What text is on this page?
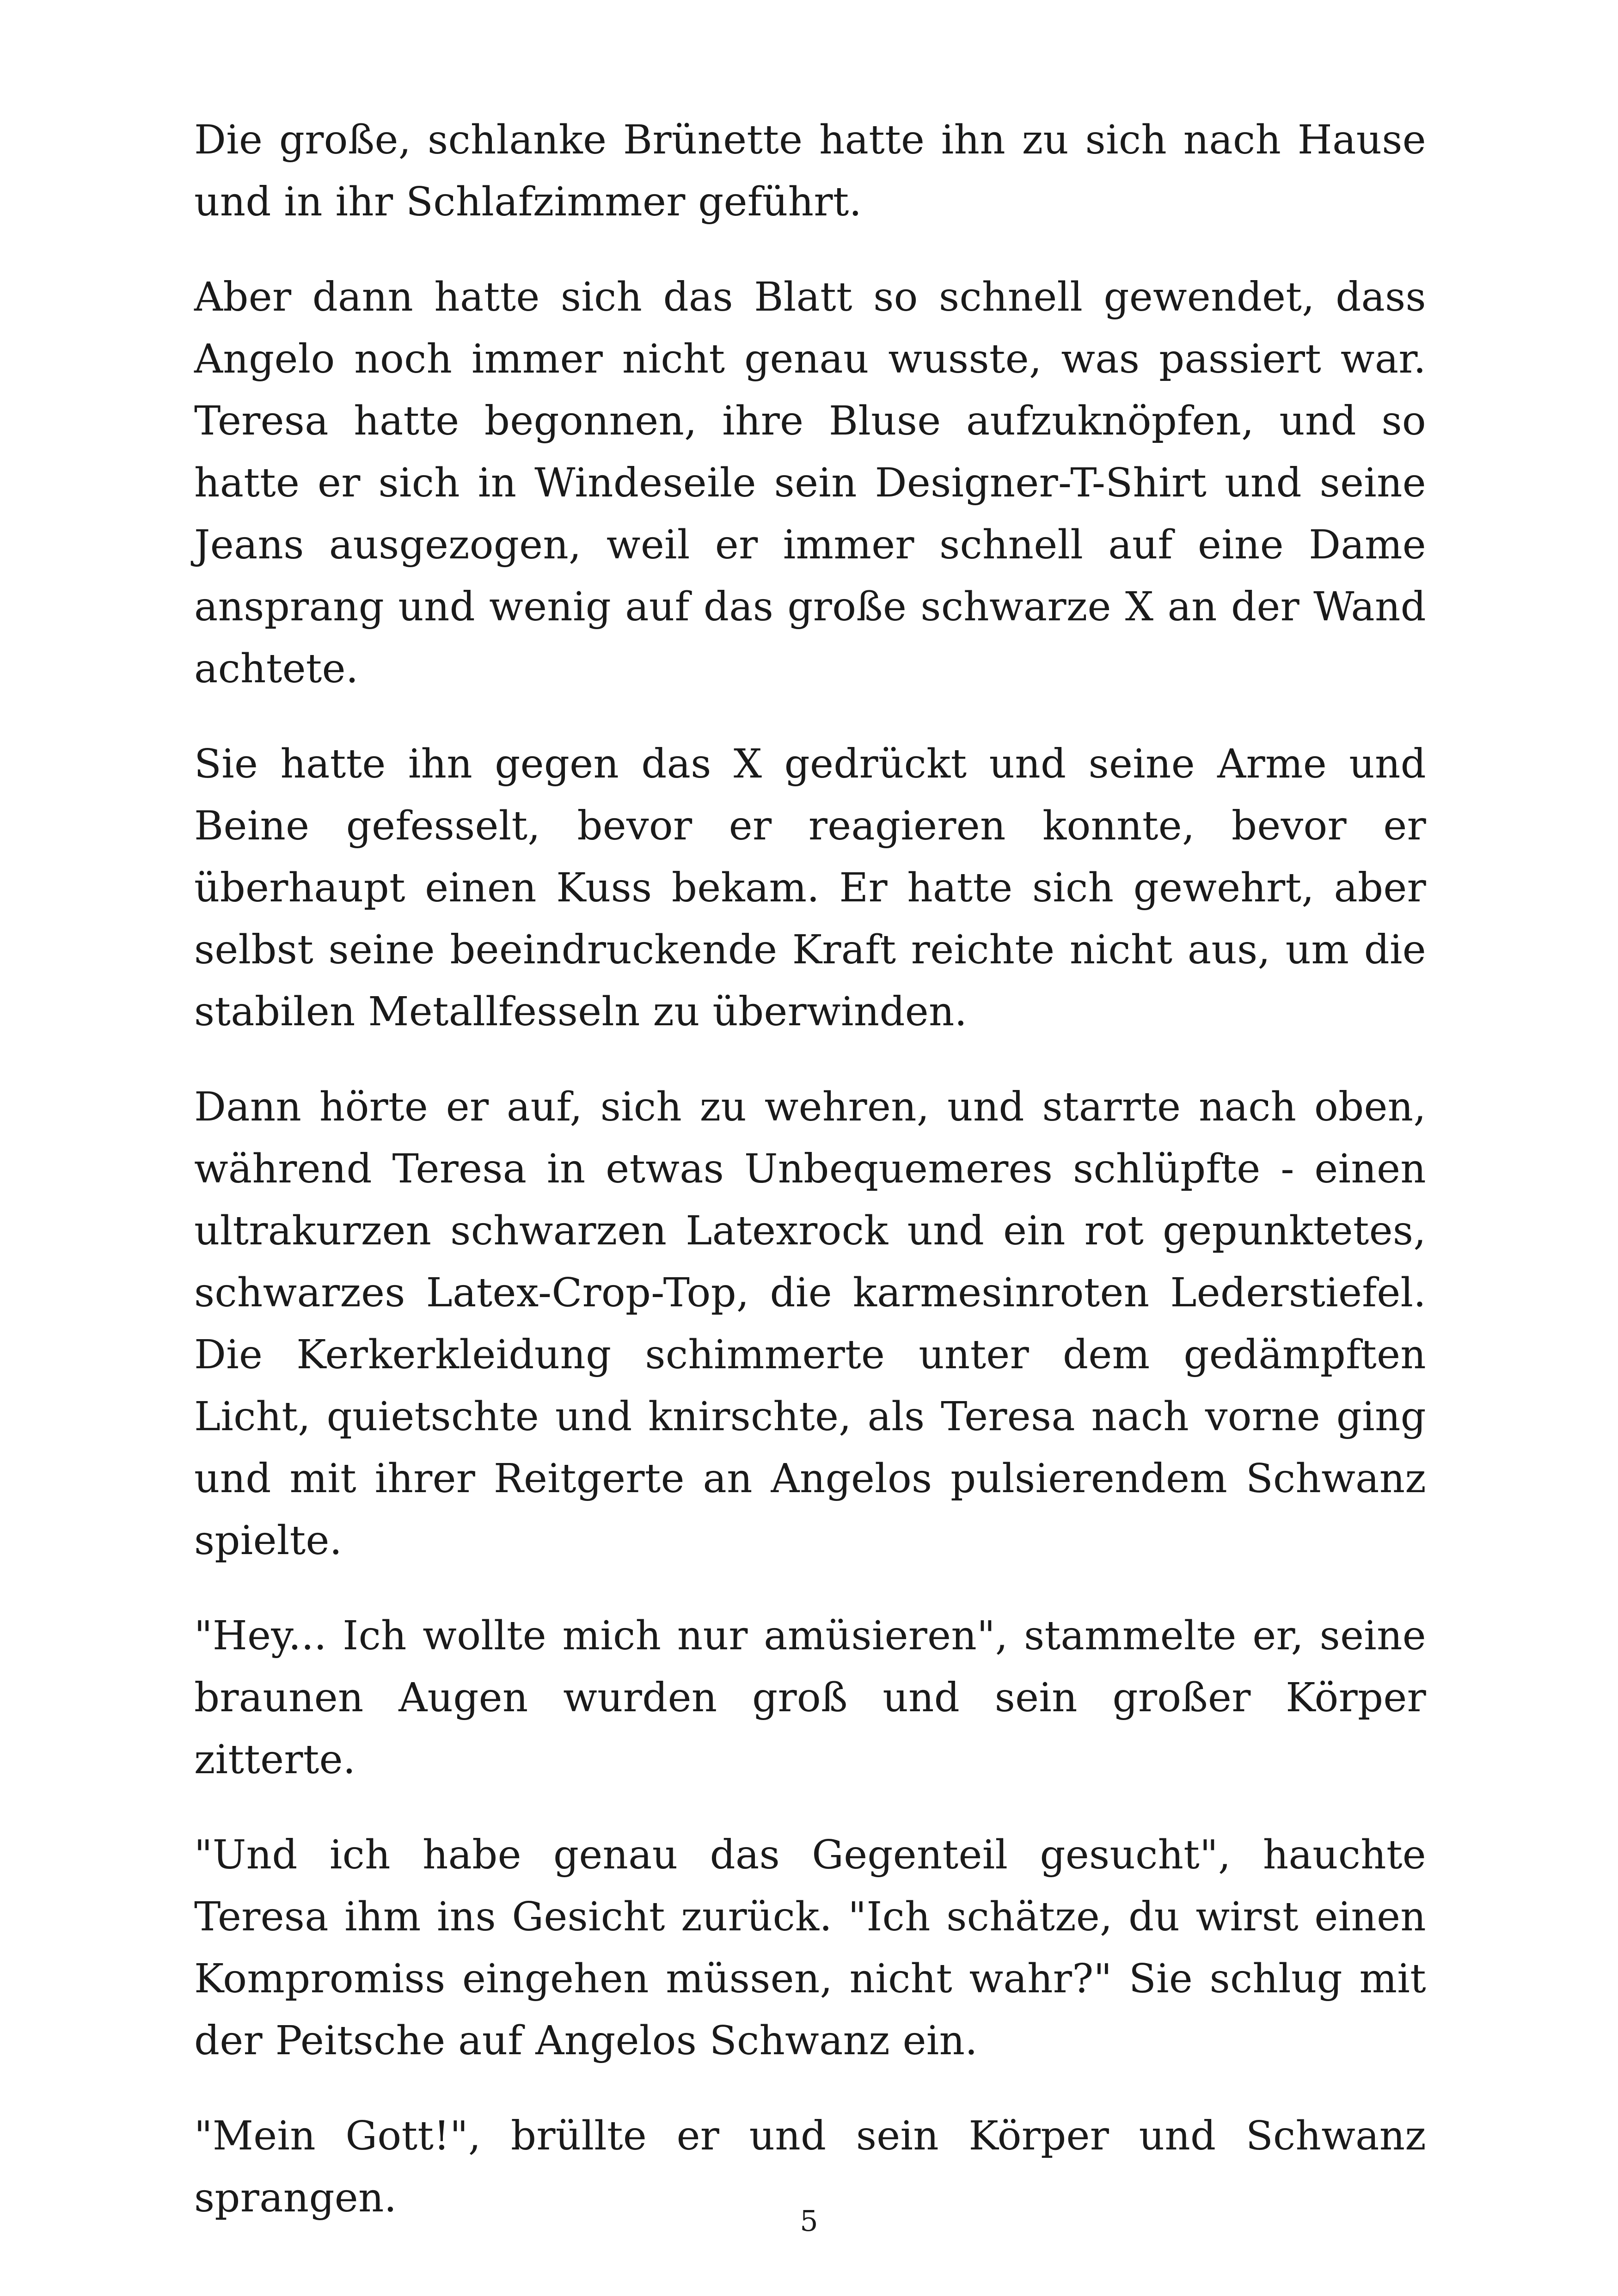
Die große, schlanke Brünette hatte ihn zu sich nach Hause und in ihr Schlafzimmer geführt.

Aber dann hatte sich das Blatt so schnell gewendet, dass Angelo noch immer nicht genau wusste, was passiert war. Teresa hatte begonnen, ihre Bluse aufzuknöpfen, und so hatte er sich in Windeseile sein Designer-T-Shirt und seine Jeans ausgezogen, weil er immer schnell auf eine Dame ansprang und wenig auf das große schwarze X an der Wand achtete.

Sie hatte ihn gegen das X gedrückt und seine Arme und Beine gefesselt, bevor er reagieren konnte, bevor er überhaupt einen Kuss bekam. Er hatte sich gewehrt, aber selbst seine beeindruckende Kraft reichte nicht aus, um die stabilen Metallfesseln zu überwinden.

Dann hörte er auf, sich zu wehren, und starrte nach oben, während Teresa in etwas Unbequemeres schlüpfte - einen ultrakurzen schwarzen Latexrock und ein rot gepunktetes, schwarzes Latex-Crop-Top, die karmesinroten Lederstiefel. Die Kerkerkleidung schimmerte unter dem gedämpften Licht, quietschte und knirschte, als Teresa nach vorne ging und mit ihrer Reitgerte an Angelos pulsierendem Schwanz spielte.

"Hey... Ich wollte mich nur amüsieren", stammelte er, seine braunen Augen wurden groß und sein großer Körper zitterte.

"Und ich habe genau das Gegenteil gesucht", hauchte Teresa ihm ins Gesicht zurück. "Ich schätze, du wirst einen Kompromiss eingehen müssen, nicht wahr?" Sie schlug mit der Peitsche auf Angelos Schwanz ein.

"Mein Gott!", brüllte er und sein Körper und Schwanz sprangen.	5
